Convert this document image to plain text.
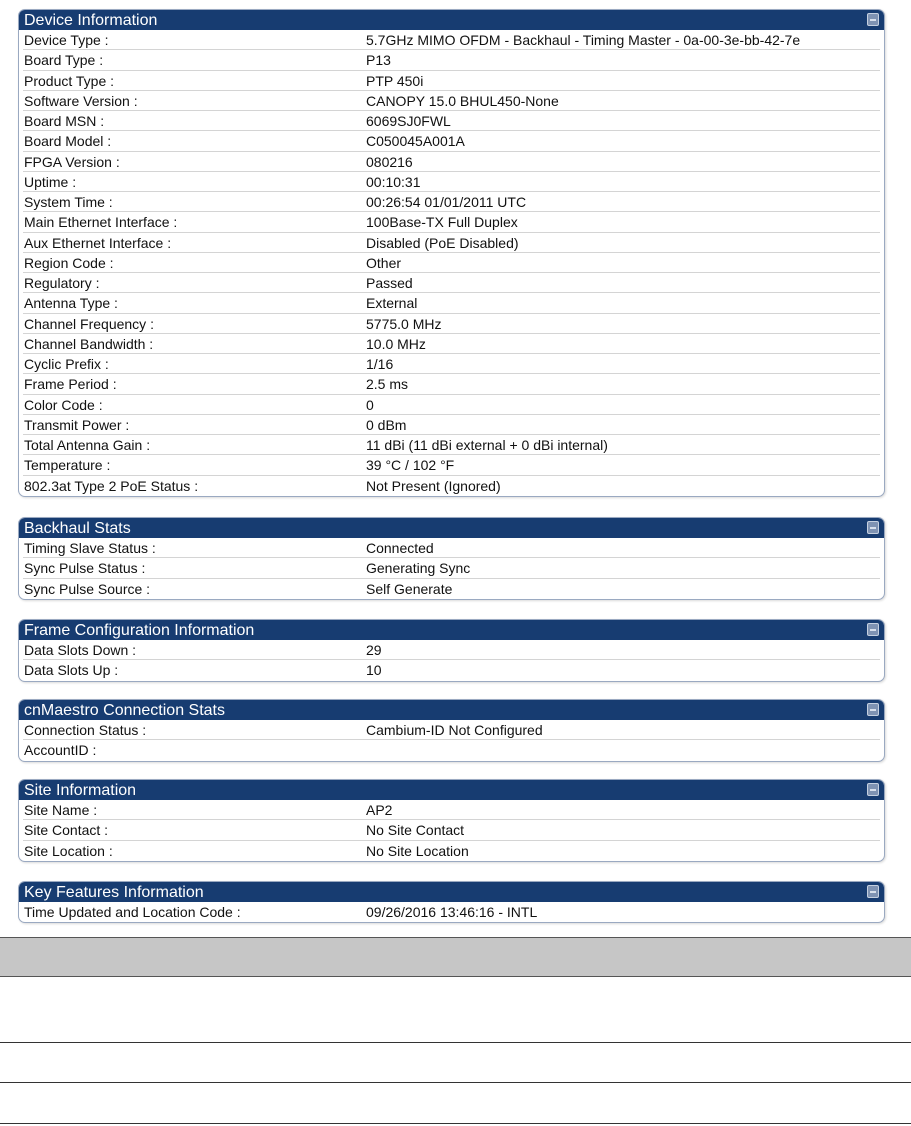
Device Information
Device Type :	5.7GHz MIMO OFDM - Backhaul - Timing Master - 0a-00-3e-bb-42-7e
Board Type :	P13
Product Type :	PTP 450i
Software Version :	CANOPY 15.0 BHUL450-None
Board MSN :	6069SJ0FWL
Board Model :	C050045A001A
FPGA Version :	080216
Uptime :	00:10:31
System Time :	00:26:54 01/01/2011 UTC
Main Ethernet Interface :	100Base-TX Full Duplex
Aux Ethernet Interface :	Disabled (PoE Disabled)
Region Code :	Other
Regulatory :	Passed
Antenna Type :	External
Channel Frequency :	5775.0 MHz
Channel Bandwidth :	10.0 MHz
Cyclic Prefix :	1/16
Frame Period :	2.5 ms
Color Code :	0
Transmit Power :	0 dBm
Total Antenna Gain :	11 dBi (11 dBi external + 0 dBi internal)
Temperature :	39 °C / 102 °F
802.3at Type 2 PoE Status :	Not Present (Ignored)
Backhaul Stats
Timing Slave Status :	Connected
Sync Pulse Status :	Generating Sync
Sync Pulse Source :	Self Generate
Frame Configuration Information
Data Slots Down :	29
Data Slots Up :	10
cnMaestro Connection Stats
Connection Status :	Cambium-ID Not Configured
AccountID :
Site Information
Site Name :	AP2
Site Contact :	No Site Contact
Site Location :	No Site Location
Key Features Information
Time Updated and Location Code :	09/26/2016 13:46:16 - INTL
